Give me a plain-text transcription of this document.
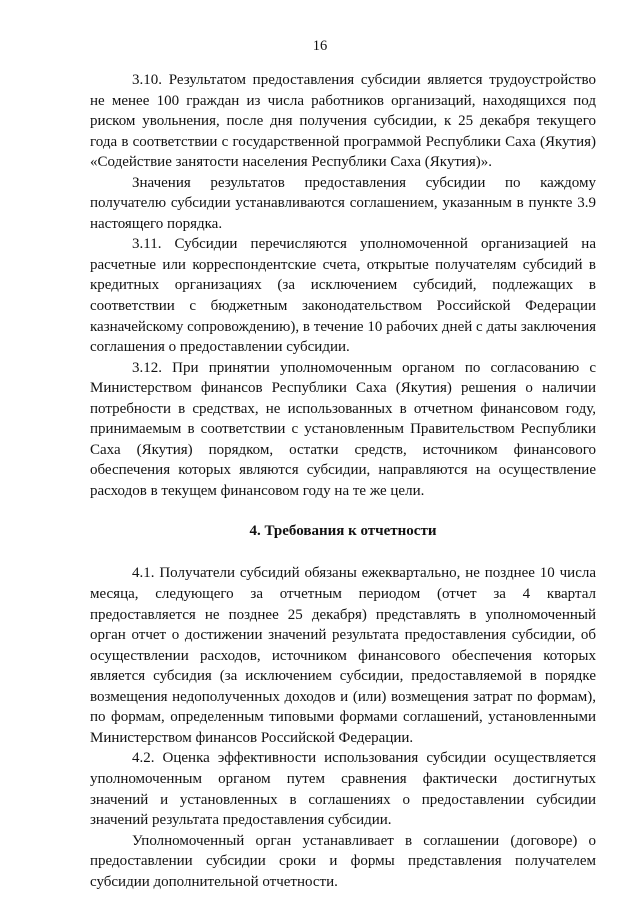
16

3.10. Результатом предоставления субсидии является трудоустройство не менее 100 граждан из числа работников организаций, находящихся под риском увольнения, после дня получения субсидии, к 25 декабря текущего года в соответствии с государственной программой Республики Саха (Якутия) «Содействие занятости населения Республики Саха (Якутия)».

Значения результатов предоставления субсидии по каждому получателю субсидии устанавливаются соглашением, указанным в пункте 3.9 настоящего порядка.

3.11. Субсидии перечисляются уполномоченной организацией на расчетные или корреспондентские счета, открытые получателям субсидий в кредитных организациях (за исключением субсидий, подлежащих в соответствии с бюджетным законодательством Российской Федерации казначейскому сопровождению), в течение 10 рабочих дней с даты заключения соглашения о предоставлении субсидии.

3.12. При принятии уполномоченным органом по согласованию с Министерством финансов Республики Саха (Якутия) решения о наличии потребности в средствах, не использованных в отчетном финансовом году, принимаемым в соответствии с установленным Правительством Республики Саха (Якутия) порядком, остатки средств, источником финансового обеспечения которых являются субсидии, направляются на осуществление расходов в текущем финансовом году на те же цели.

4. Требования к отчетности

4.1. Получатели субсидий обязаны ежеквартально, не позднее 10 числа месяца, следующего за отчетным периодом (отчет за 4 квартал предоставляется не позднее 25 декабря) представлять в уполномоченный орган отчет о достижении значений результата предоставления субсидии, об осуществлении расходов, источником финансового обеспечения которых является субсидия (за исключением субсидии, предоставляемой в порядке возмещения недополученных доходов и (или) возмещения затрат по формам), по формам, определенным типовыми формами соглашений, установленными Министерством финансов Российской Федерации.

4.2. Оценка эффективности использования субсидии осуществляется уполномоченным органом путем сравнения фактически достигнутых значений и установленных в соглашениях о предоставлении субсидии значений результата предоставления субсидии.

Уполномоченный орган устанавливает в соглашении (договоре) о предоставлении субсидии сроки и формы представления получателем субсидии дополнительной отчетности.
